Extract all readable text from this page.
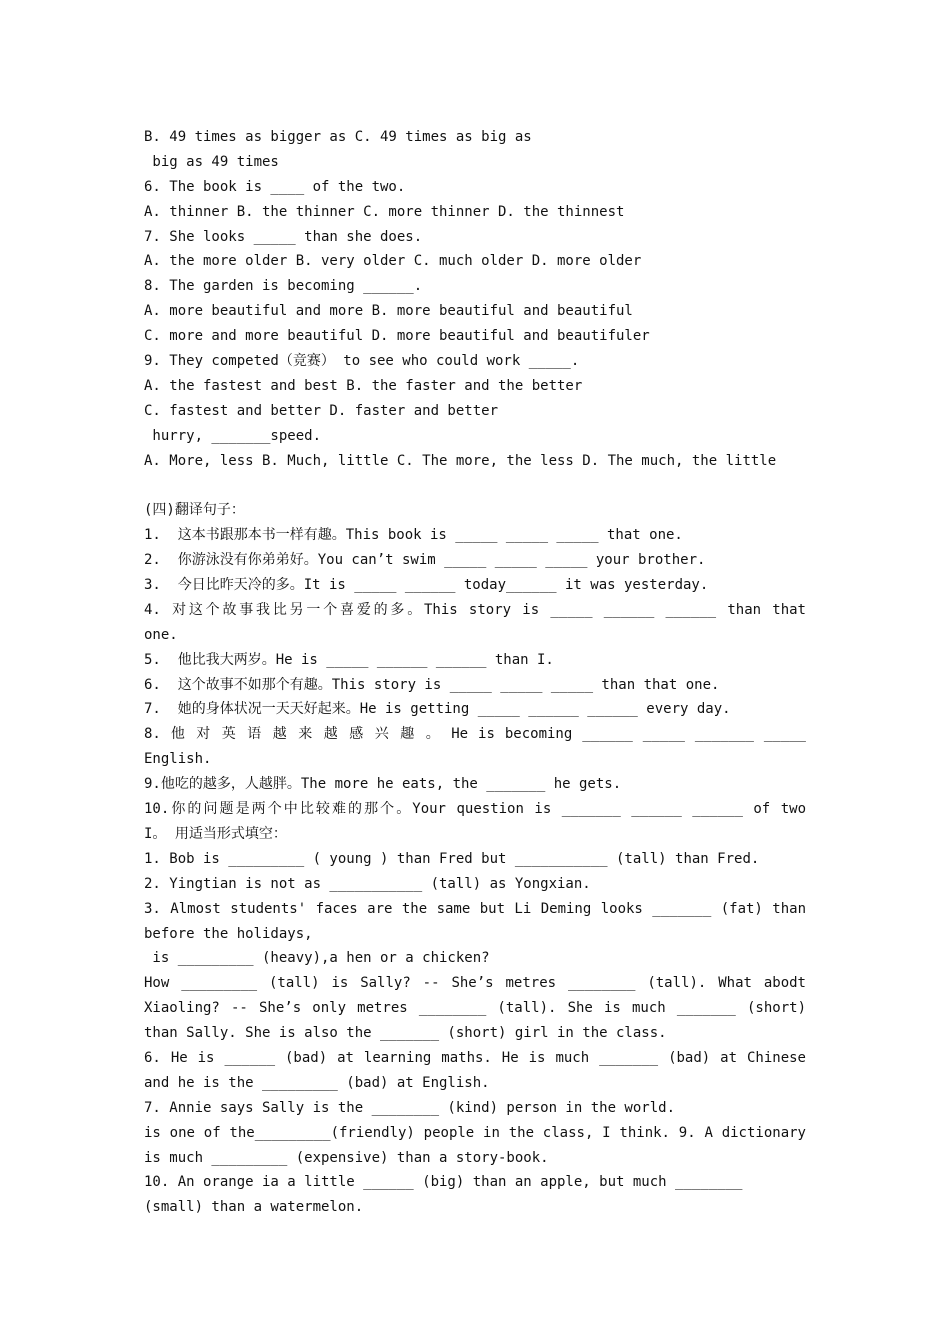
B. 49 times as bigger as C. 49 times as big as
big as 49 times
6. The book is ____ of the two.
A. thinner B. the thinner C. more thinner D. the thinnest
7. She looks _____ than she does.
A. the more older B. very older C. much older D. more older
8. The garden is becoming ______.
A. more beautiful and more B. more beautiful and beautiful
C. more and more beautiful D. more beautiful and beautifuler
9. They competed（竞赛） to see who could work _____.
A. the fastest and best B. the faster and the better
C. fastest and better D. faster and better
hurry, _______speed.
A. More, less B. Much, little C. The more, the less D. The much, the little
(四)翻译句子：
1.  这本书跟那本书一样有趣。This book is _____ _____ _____ that one.
2.  你游泳没有你弟弟好。You can’t swim _____ _____ _____ your brother.
3.  今日比昨天冷的多。It is _____ ______ today______ it was yesterday.
4. 对这个故事我比另一个喜爱的多。This story is _____ ______ ______ than that
one.
5.  他比我大两岁。He is _____ ______ ______ than I.
6.  这个故事不如那个有趣。This story is _____ _____ _____ than that one.
7.  她的身体状况一天天好起来。He is getting _____ ______ ______ every day.
8. 他 对 英 语 越 来 越 感 兴 趣 。 He is becoming ______ _____ _______ _____
English.
9.他吃的越多，人越胖。The more he eats, the _______ he gets.
10.你的问题是两个中比较难的那个。Your question is _______ ______ ______ of two
I。 用适当形式填空：
1. Bob is _________ ( young ) than Fred but ___________ (tall) than Fred.
2. Yingtian is not as ___________ (tall) as Yongxian.
3. Almost students' faces are the same but Li Deming looks _______ (fat) than
before the holidays,
is _________ (heavy),a hen or a chicken?
How _________ (tall) is Sally? -- She’s metres ________ (tall). What abodt
Xiaoling? -- She’s only metres ________ (tall). She is much _______ (short)
than Sally. She is also the _______ (short) girl in the class.
6. He is ______ (bad) at learning maths. He is much _______ (bad) at Chinese
and he is the _________ (bad) at English.
7. Annie says Sally is the ________ (kind) person in the world.
is one of the_________(friendly) people in the class, I think. 9. A dictionary
is much _________ (expensive) than a story-book.
10. An orange ia a little ______ (big) than an apple, but much ________
(small) than a watermelon.
